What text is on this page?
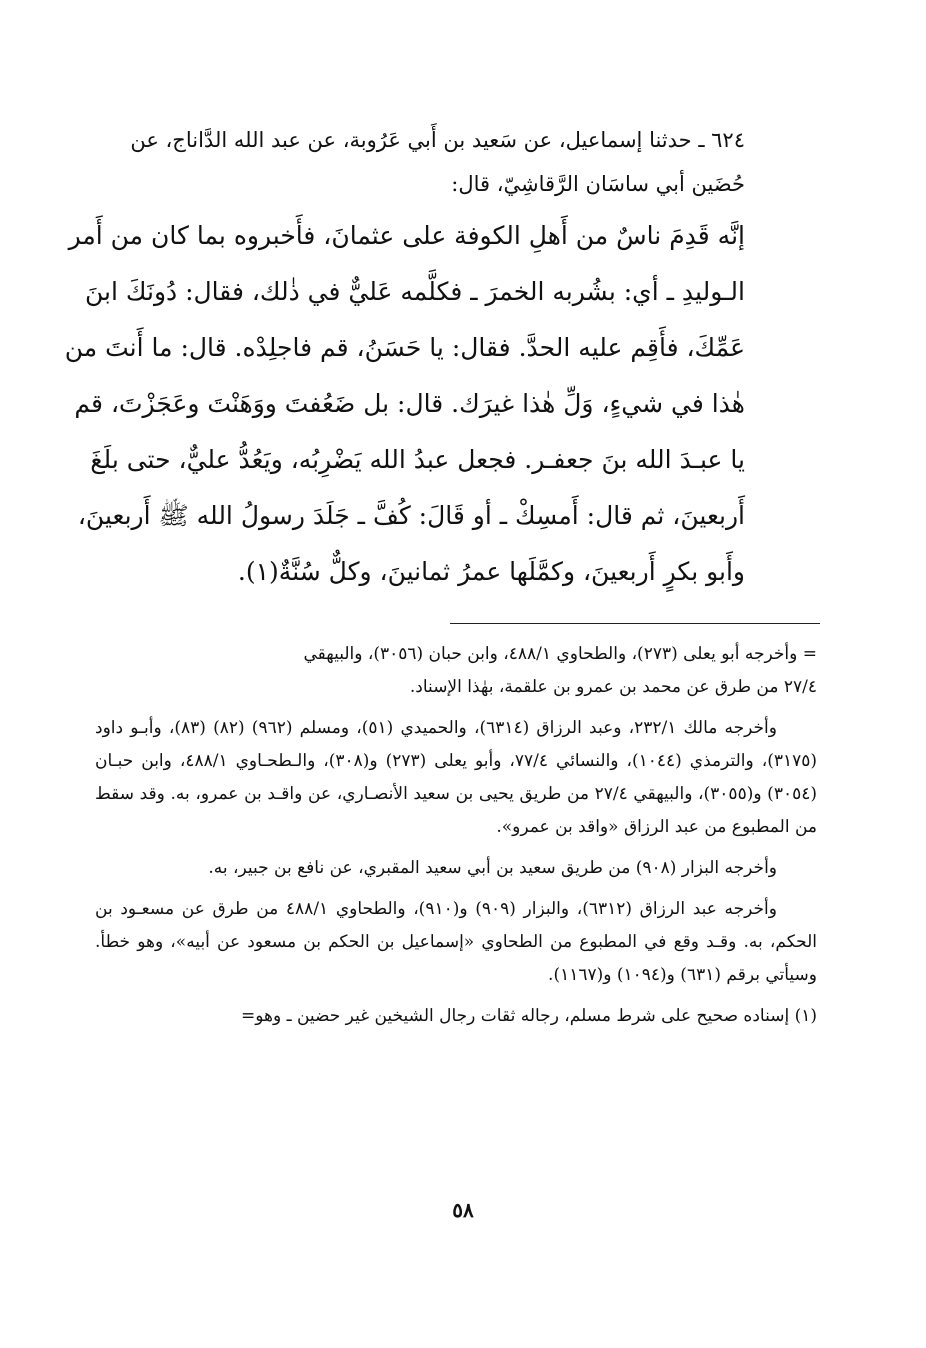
٦٢٤ ـ حدثنا إسماعيل، عن سَعيد بن أَبي عَرُوبة، عن عبد الله الدَّاناج، عن
حُضَين أبي ساسَان الرَّقاشِيّ، قال:
إنَّه قَدِمَ ناسٌ من أَهلِ الكوفة على عثمانَ، فأَخبروه بما كان من أَمر
الـوليدِ ـ أي: بشُربه الخمرَ ـ فكلَّمه عَليٌّ في ذٰلك، فقال: دُونَكَ ابنَ
عَمِّكَ، فأَقِم عليه الحدَّ. فقال: يا حَسَنُ، قم فاجلِدْه. قال: ما أَنتَ من
هٰذا في شيءٍ، وَلِّ هٰذا غيرَك. قال: بل ضَعُفتَ ووَهَنْتَ وعَجَزْتَ، قم
يا عبـدَ الله بنَ جعفـر. فجعل عبدُ الله يَضْرِبُه، ويَعُدُّ عليٌّ، حتى بلَغَ
أَربعينَ، ثم قال: أَمسِكْ ـ أو قَالَ: كُفَّ ـ جَلَدَ رسولُ الله ﷺ أَربعينَ،
وأَبو بكرٍ أَربعينَ، وكمَّلَها عمرُ ثمانينَ، وكلٌّ سُنَّةٌ(١).

= وأخرجه أبو يعلى (٢٧٣)، والطحاوي ٤٨٨/١، وابن حبان (٣٠٥٦)، والبيهقي
٢٧/٤ من طرق عن محمد بن عمرو بن علقمة، بهٰذا الإسناد.

وأخرجه مالك ٢٣٢/١، وعبد الرزاق (٦٣١٤)، والحميدي (٥١)، ومسلم (٩٦٢) (٨٢) (٨٣)، وأبـو داود (٣١٧٥)، والترمذي (١٠٤٤)، والنسائي ٧٧/٤، وأبو يعلى (٢٧٣) و(٣٠٨)، والـطحـاوي ٤٨٨/١، وابن حبـان (٣٠٥٤) و(٣٠٥٥)، والبيهقي ٢٧/٤ من طريق يحيى بن سعيد الأنصـاري، عن واقـد بن عمرو، به. وقد سقط من المطبوع من عبد الرزاق «واقد بن عمرو».

وأخرجه البزار (٩٠٨) من طريق سعيد بن أبي سعيد المقبري، عن نافع بن جبير، به.

وأخرجه عبد الرزاق (٦٣١٢)، والبزار (٩٠٩) و(٩١٠)، والطحاوي ٤٨٨/١ من طرق عن مسعـود بن الحكم، به. وقـد وقع في المطبوع من الطحاوي «إسماعيل بن الحكم بن مسعود عن أبيه»، وهو خطأ. وسيأتي برقم (٦٣١) و(١٠٩٤) و(١١٦٧).

(١) إسناده صحيح على شرط مسلم، رجاله ثقات رجال الشيخين غير حضين ـ وهو=

٥٨
